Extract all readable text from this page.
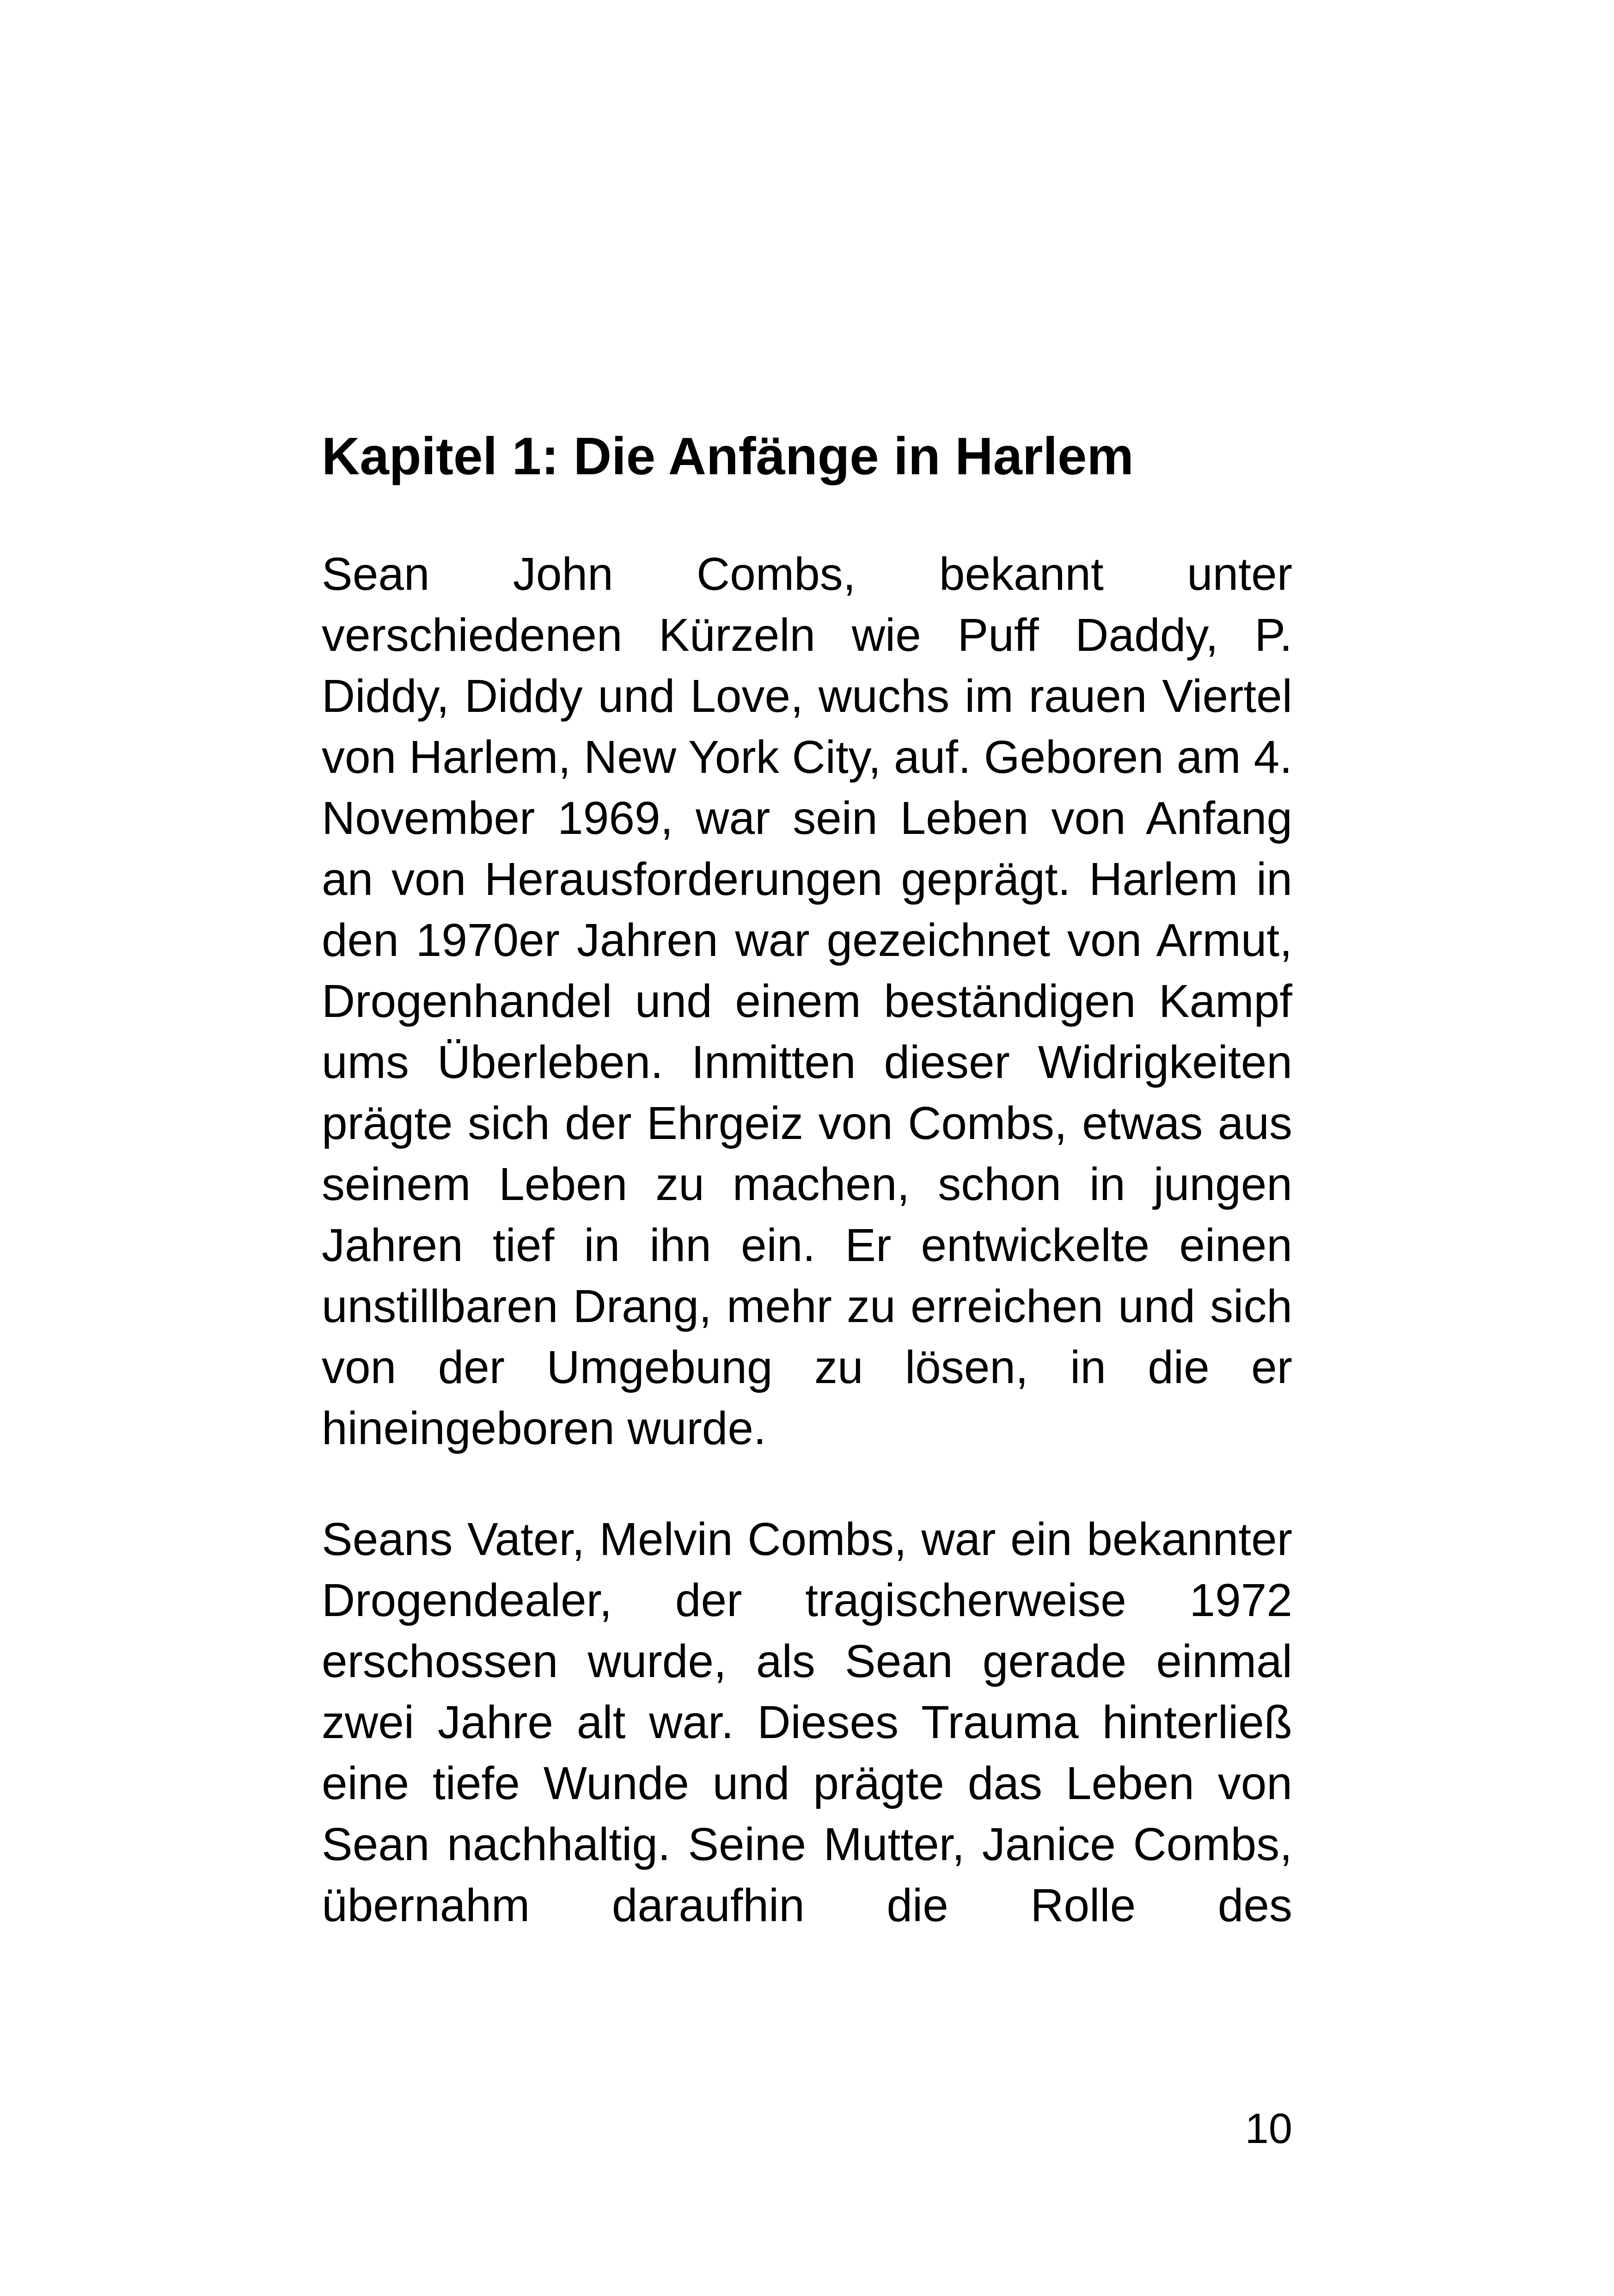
Kapitel 1: Die Anfänge in Harlem
Sean John Combs, bekannt unter
verschiedenen Kürzeln wie Puff Daddy, P.
Diddy, Diddy und Love, wuchs im rauen Viertel
von Harlem, New York City, auf. Geboren am 4.
November 1969, war sein Leben von Anfang
an von Herausforderungen geprägt. Harlem in
den 1970er Jahren war gezeichnet von Armut,
Drogenhandel und einem beständigen Kampf
ums Überleben. Inmitten dieser Widrigkeiten
prägte sich der Ehrgeiz von Combs, etwas aus
seinem Leben zu machen, schon in jungen
Jahren tief in ihn ein. Er entwickelte einen
unstillbaren Drang, mehr zu erreichen und sich
von der Umgebung zu lösen, in die er
hineingeboren wurde.
Seans Vater, Melvin Combs, war ein bekannter
Drogendealer, der tragischerweise 1972
erschossen wurde, als Sean gerade einmal
zwei Jahre alt war. Dieses Trauma hinterließ
eine tiefe Wunde und prägte das Leben von
Sean nachhaltig. Seine Mutter, Janice Combs,
übernahm daraufhin die Rolle des
10
